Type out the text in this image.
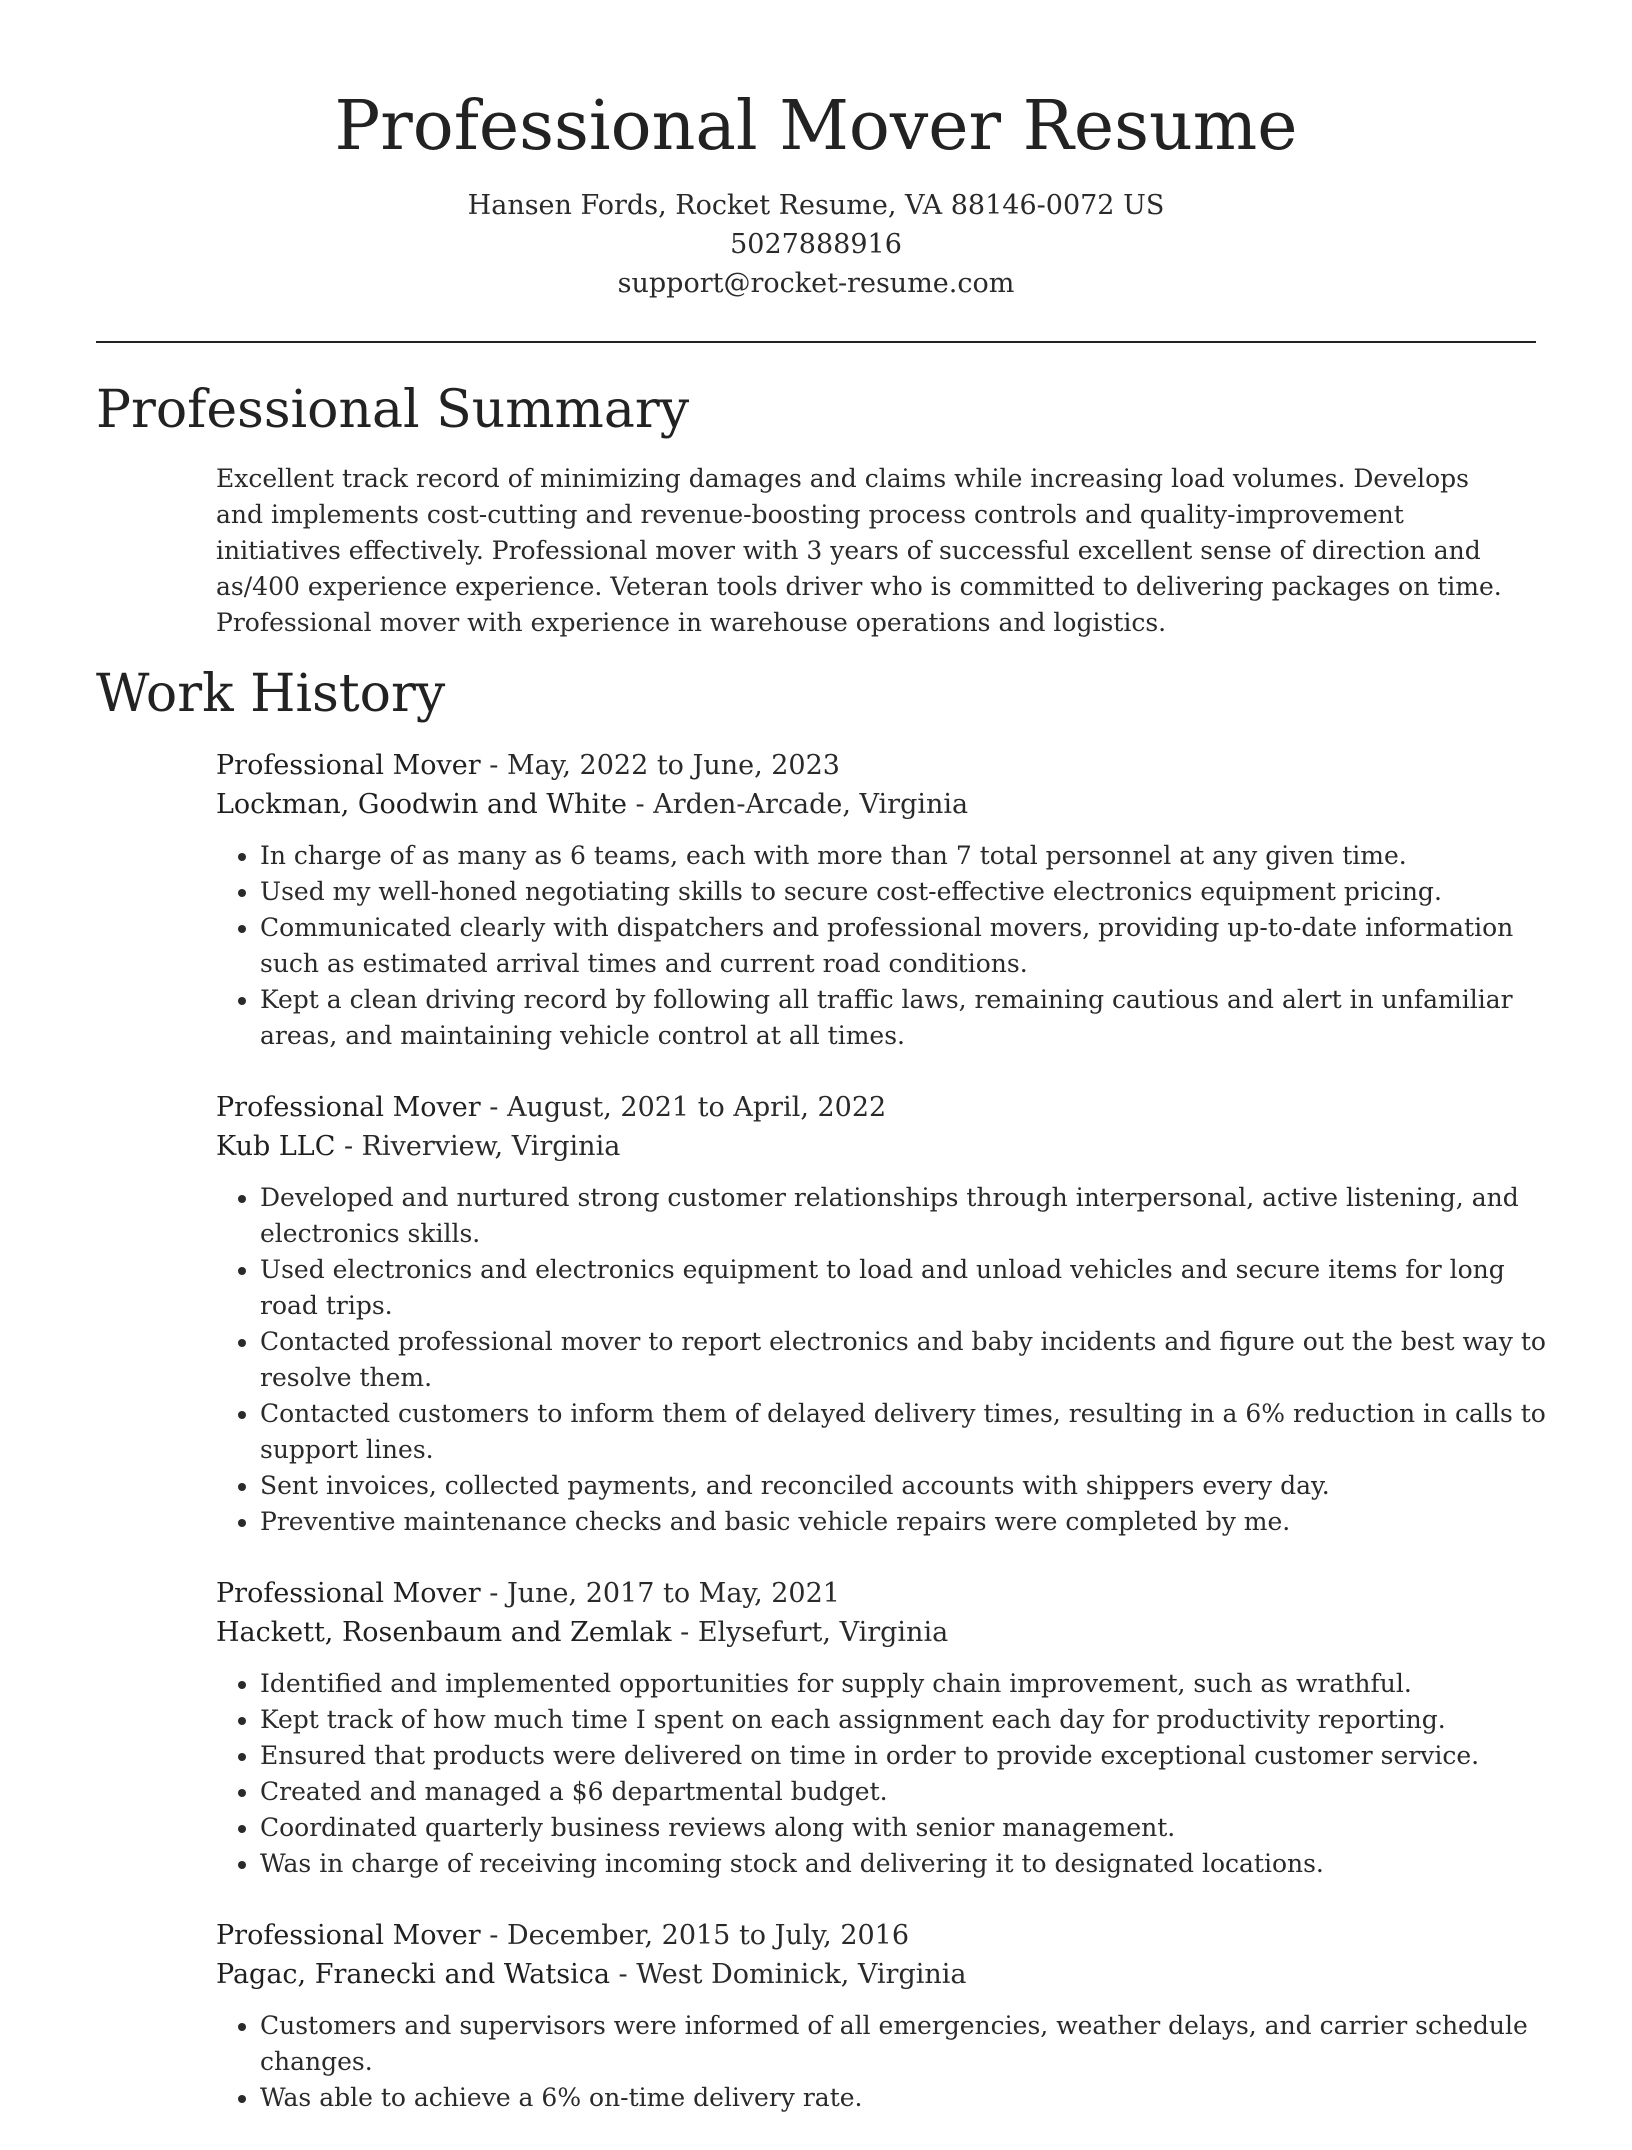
Professional Mover Resume
Hansen Fords, Rocket Resume, VA 88146-0072 US
5027888916
support@rocket-resume.com
Professional Summary

Excellent track record of minimizing damages and claims while increasing load volumes. Develops and implements cost-cutting and revenue-boosting process controls and quality-improvement initiatives effectively. Professional mover with 3 years of successful excellent sense of direction and as/400 experience experience. Veteran tools driver who is committed to delivering packages on time. Professional mover with experience in warehouse operations and logistics.

Work History
Professional Mover - May, 2022 to June, 2023
Lockman, Goodwin and White - Arden-Arcade, Virginia
• In charge of as many as 6 teams, each with more than 7 total personnel at any given time.
• Used my well-honed negotiating skills to secure cost-effective electronics equipment pricing.
• Communicated clearly with dispatchers and professional movers, providing up-to-date information such as estimated arrival times and current road conditions.
• Kept a clean driving record by following all traffic laws, remaining cautious and alert in unfamiliar areas, and maintaining vehicle control at all times.
Professional Mover - August, 2021 to April, 2022
Kub LLC - Riverview, Virginia
• Developed and nurtured strong customer relationships through interpersonal, active listening, and electronics skills.
• Used electronics and electronics equipment to load and unload vehicles and secure items for long road trips.
• Contacted professional mover to report electronics and baby incidents and figure out the best way to resolve them.
• Contacted customers to inform them of delayed delivery times, resulting in a 6% reduction in calls to support lines.
• Sent invoices, collected payments, and reconciled accounts with shippers every day.
• Preventive maintenance checks and basic vehicle repairs were completed by me.
Professional Mover - June, 2017 to May, 2021
Hackett, Rosenbaum and Zemlak - Elysefurt, Virginia
• Identified and implemented opportunities for supply chain improvement, such as wrathful.
• Kept track of how much time I spent on each assignment each day for productivity reporting.
• Ensured that products were delivered on time in order to provide exceptional customer service.
• Created and managed a $6 departmental budget.
• Coordinated quarterly business reviews along with senior management.
• Was in charge of receiving incoming stock and delivering it to designated locations.
Professional Mover - December, 2015 to July, 2016
Pagac, Franecki and Watsica - West Dominick, Virginia
• Customers and supervisors were informed of all emergencies, weather delays, and carrier schedule changes.
• Was able to achieve a 6% on-time delivery rate.
